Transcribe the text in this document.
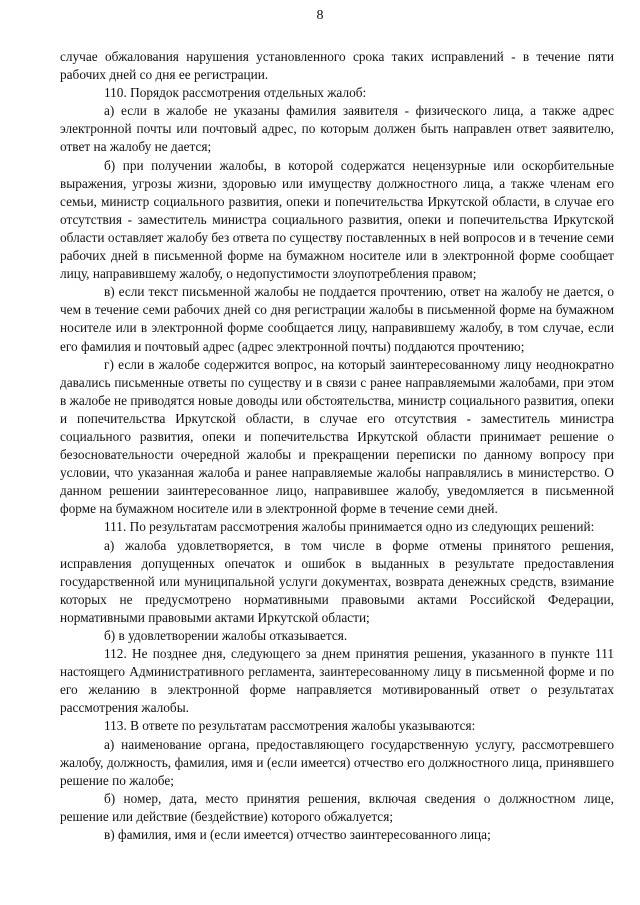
8

случае обжалования нарушения установленного срока таких исправлений - в течение пяти рабочих дней со дня ее регистрации.

110. Порядок рассмотрения отдельных жалоб:

а) если в жалобе не указаны фамилия заявителя - физического лица, а также адрес электронной почты или почтовый адрес, по которым должен быть направлен ответ заявителю, ответ на жалобу не дается;

б) при получении жалобы, в которой содержатся нецензурные или оскорбительные выражения, угрозы жизни, здоровью или имуществу должностного лица, а также членам его семьи, министр социального развития, опеки и попечительства Иркутской области, в случае его отсутствия - заместитель министра социального развития, опеки и попечительства Иркутской области оставляет жалобу без ответа по существу поставленных в ней вопросов и в течение семи рабочих дней в письменной форме на бумажном носителе или в электронной форме сообщает лицу, направившему жалобу, о недопустимости злоупотребления правом;

в) если текст письменной жалобы не поддается прочтению, ответ на жалобу не дается, о чем в течение семи рабочих дней со дня регистрации жалобы в письменной форме на бумажном носителе или в электронной форме сообщается лицу, направившему жалобу, в том случае, если его фамилия и почтовый адрес (адрес электронной почты) поддаются прочтению;

г) если в жалобе содержится вопрос, на который заинтересованному лицу неоднократно давались письменные ответы по существу и в связи с ранее направляемыми жалобами, при этом в жалобе не приводятся новые доводы или обстоятельства, министр социального развития, опеки и попечительства Иркутской области, в случае его отсутствия - заместитель министра социального развития, опеки и попечительства Иркутской области принимает решение о безосновательности очередной жалобы и прекращении переписки по данному вопросу при условии, что указанная жалоба и ранее направляемые жалобы направлялись в министерство. О данном решении заинтересованное лицо, направившее жалобу, уведомляется в письменной форме на бумажном носителе или в электронной форме в течение семи дней.

111. По результатам рассмотрения жалобы принимается одно из следующих решений:

а) жалоба удовлетворяется, в том числе в форме отмены принятого решения, исправления допущенных опечаток и ошибок в выданных в результате предоставления государственной или муниципальной услуги документах, возврата денежных средств, взимание которых не предусмотрено нормативными правовыми актами Российской Федерации, нормативными правовыми актами Иркутской области;

б) в удовлетворении жалобы отказывается.

112. Не позднее дня, следующего за днем принятия решения, указанного в пункте 111 настоящего Административного регламента, заинтересованному лицу в письменной форме и по его желанию в электронной форме направляется мотивированный ответ о результатах рассмотрения жалобы.

113. В ответе по результатам рассмотрения жалобы указываются:

а) наименование органа, предоставляющего государственную услугу, рассмотревшего жалобу, должность, фамилия, имя и (если имеется) отчество его должностного лица, принявшего решение по жалобе;

б) номер, дата, место принятия решения, включая сведения о должностном лице, решение или действие (бездействие) которого обжалуется;

в) фамилия, имя и (если имеется) отчество заинтересованного лица;
